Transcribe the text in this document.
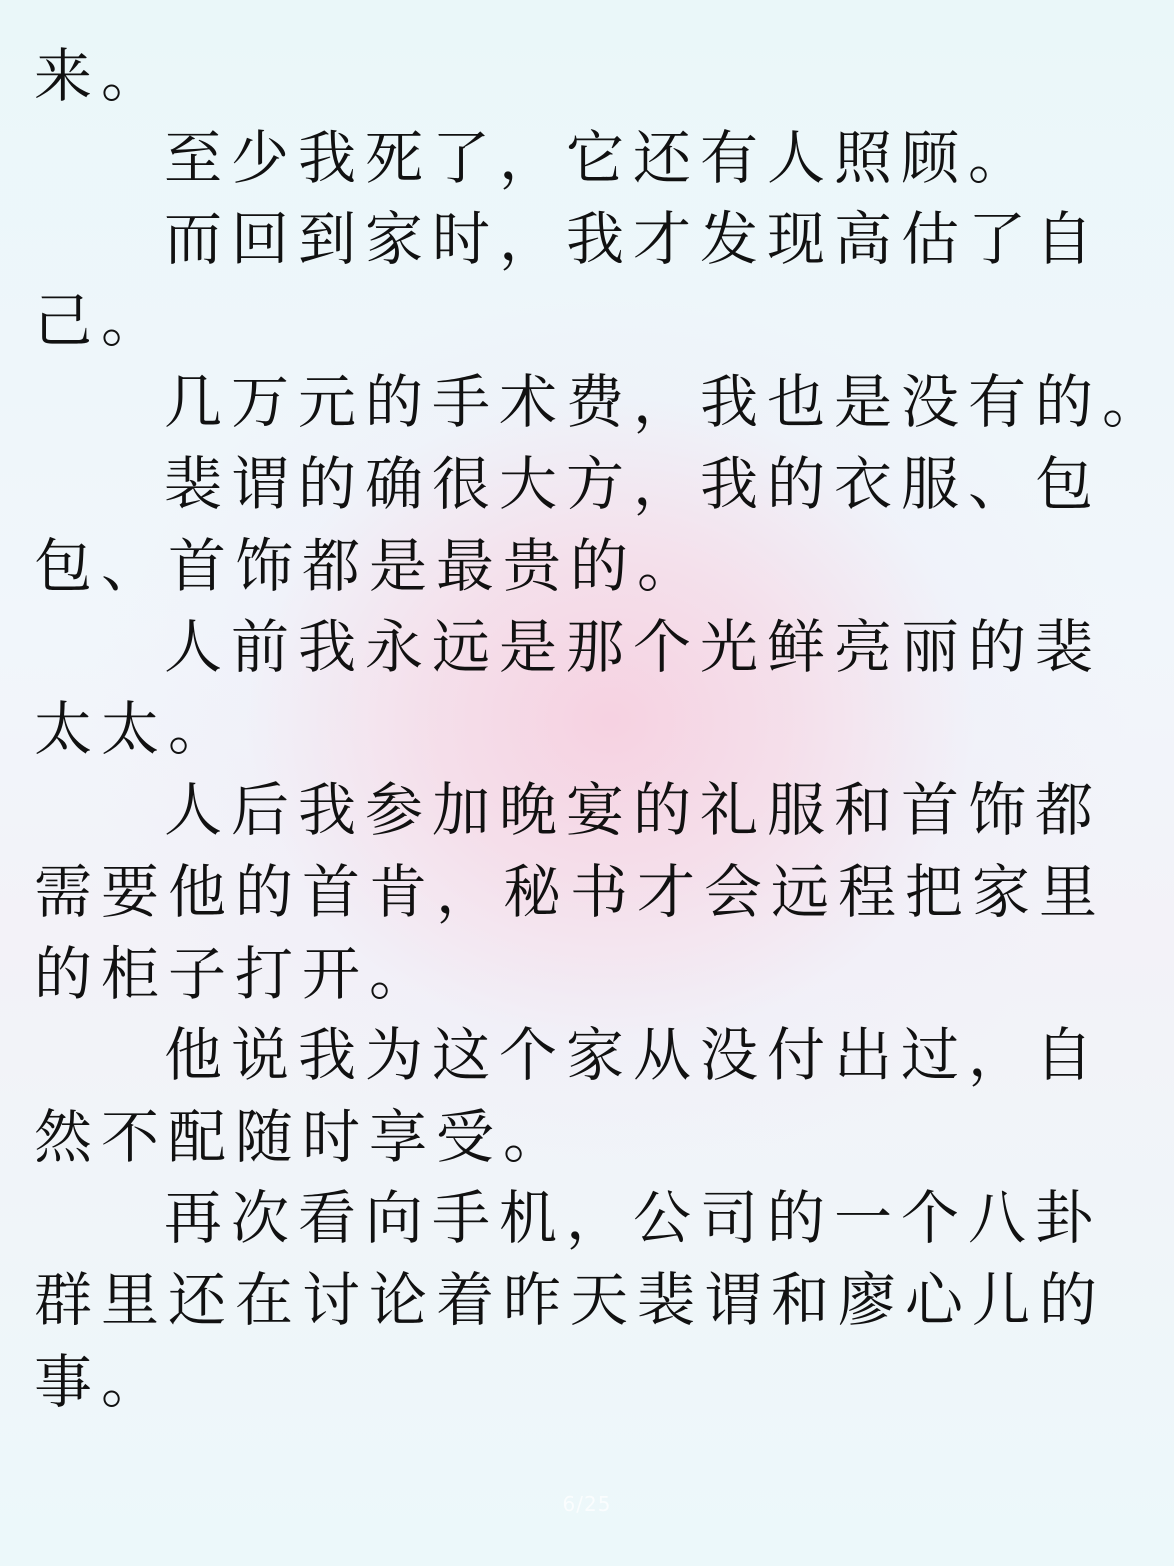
来。
至少我死了，它还有人照顾。
而回到家时，我才发现高估了自
己。
几万元的手术费，我也是没有的。
裴谓的确很大方，我的衣服、包
包、首饰都是最贵的。
人前我永远是那个光鲜亮丽的裴
太太。
人后我参加晚宴的礼服和首饰都
需要他的首肯，秘书才会远程把家里
的柜子打开。
他说我为这个家从没付出过，自
然不配随时享受。
再次看向手机，公司的一个八卦
群里还在讨论着昨天裴谓和廖心儿的
事。
6/25
